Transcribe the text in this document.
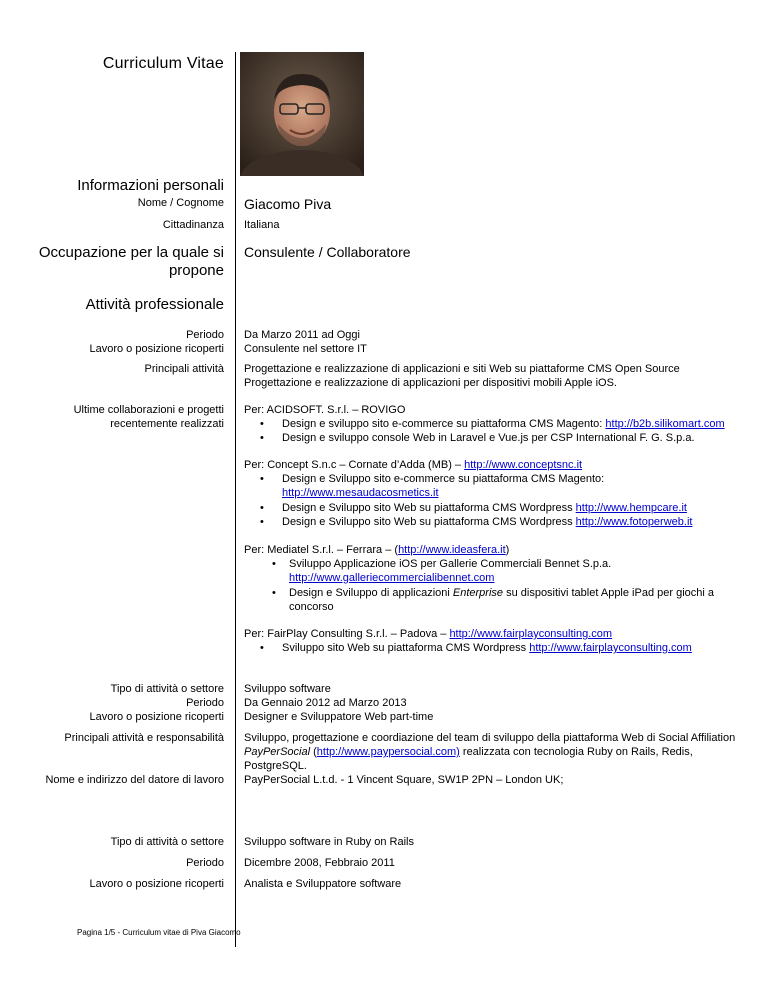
Curriculum Vitae
Informazioni personali
Nome / Cognome Giacomo Piva
Cittadinanza Italiana
Occupazione per la quale si
propone
Consulente / Collaboratore
Attività professionale
Periodo
Lavoro o posizione ricoperti
Da Marzo 2011 ad Oggi
Consulente nel settore IT
Principali attività Progettazione e realizzazione di applicazioni e siti Web su piattaforme CMS Open Source
Progettazione e realizzazione di applicazioni per dispositivi mobili Apple iOS.
Ultime collaborazioni e progetti
recentemente realizzati
Per: ACIDSOFT. S.r.l. – ROVIGO
• Design e sviluppo sito e-commerce su piattaforma CMS Magento: http://b2b.silikomart.com
• Design e sviluppo console Web in Laravel e Vue.js per CSP International F. G. S.p.a.
Per: Concept S.n.c – Cornate d’Adda (MB) – http://www.conceptsnc.it
• Design e Sviluppo sito e-commerce su piattaforma CMS Magento:
http://www.mesaudacosmetics.it
• Design e Sviluppo sito Web su piattaforma CMS Wordpress http://www.hempcare.it
• Design e Sviluppo sito Web su piattaforma CMS Wordpress http://www.fotoperweb.it
Per: Mediatel S.r.l. – Ferrara – (http://www.ideasfera.it)
• Sviluppo Applicazione iOS per Gallerie Commerciali Bennet S.p.a.
http://www.galleriecommercialibennet.com
• Design e Sviluppo di applicazioni Enterprise su dispositivi tablet Apple iPad per giochi a
concorso
Per: FairPlay Consulting S.r.l. – Padova – http://www.fairplayconsulting.com
• Sviluppo sito Web su piattaforma CMS Wordpress http://www.fairplayconsulting.com
Tipo di attività o settore Sviluppo software
Periodo Da Gennaio 2012 ad Marzo 2013
Lavoro o posizione ricoperti Designer e Sviluppatore Web part-time
Principali attività e responsabilità Sviluppo, progettazione e coordiazione del team di sviluppo della piattaforma Web di Social Affiliation
PayPerSocial (http://www.paypersocial.com) realizzata con tecnologia Ruby on Rails, Redis,
PostgreSQL.
Nome e indirizzo del datore di lavoro PayPerSocial L.t.d. - 1 Vincent Square, SW1P 2PN – London UK;
Tipo di attività o settore Sviluppo software in Ruby on Rails
Periodo Dicembre 2008, Febbraio 2011
Lavoro o posizione ricoperti Analista e Sviluppatore software
Pagina 1/5 - Curriculum vitae di Piva Giacomo
